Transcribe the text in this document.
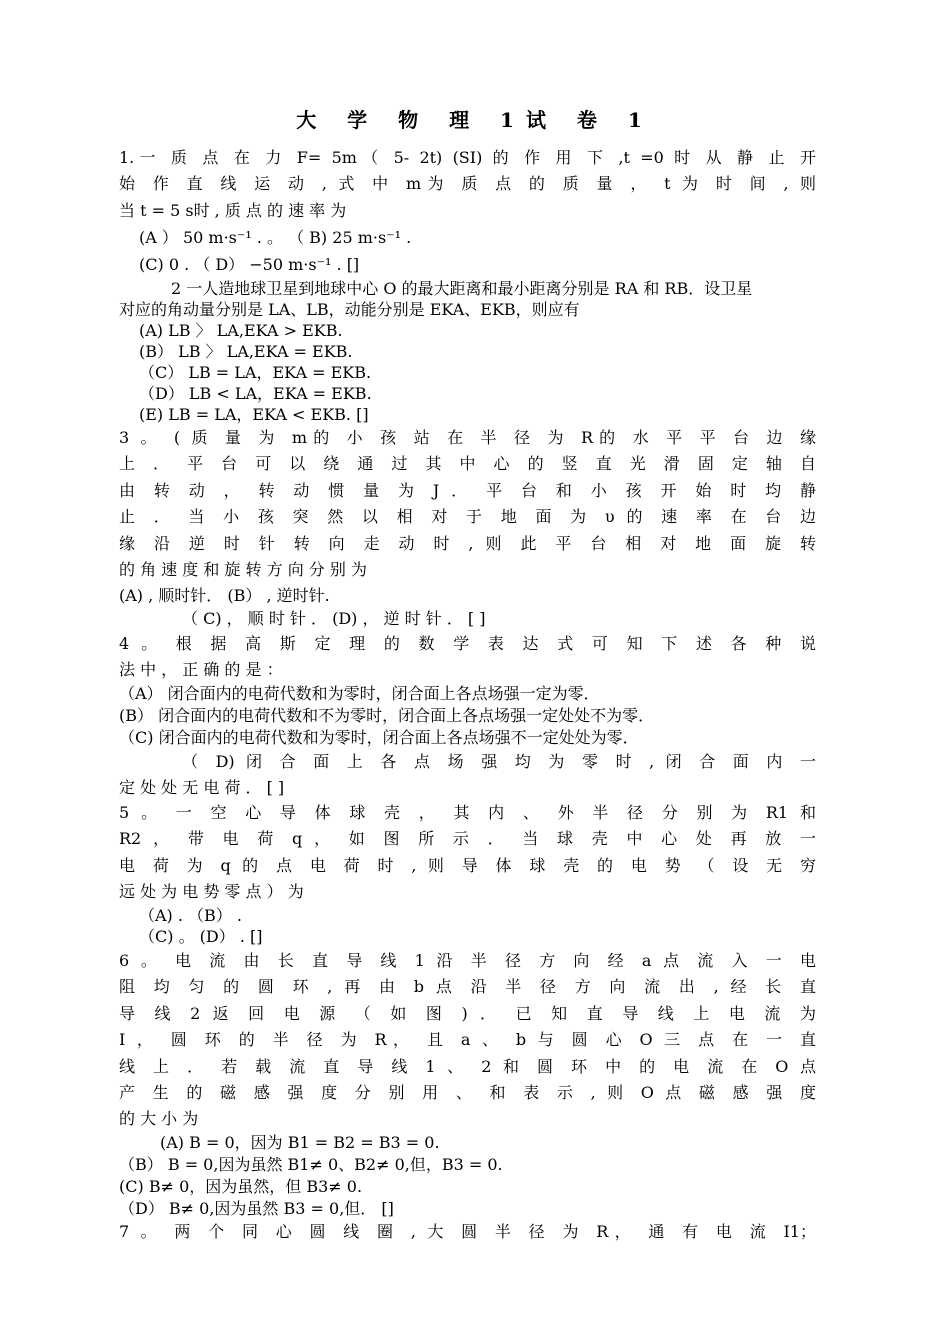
大 学 物 理 1试 卷 1
1.一 质 点 在 力 F= 5m（ 5- 2t) (SI) 的 作 用 下 ,t =0 时 从 静 止 开
始 作 直 线 运 动 , 式 中 m为 质 点 的 质 量 ， t 为 时 间 , 则
当 t = 5 s时 , 质 点 的 速 率 为
(A ） 50 m·s⁻¹ . 。 （ B) 25 m·s⁻¹ .
(C) 0 . （ D） −50 m·s⁻¹ . []
2 一人造地球卫星到地球中心 O 的最大距离和最小距离分别是 RA 和 RB．设卫星
对应的角动量分别是 LA、LB，动能分别是 EKA、EKB，则应有
(A) LB 〉 LA,EKA > EKB.
(B） LB 〉 LA,EKA = EKB.
（C） LB = LA，EKA = EKB.
（D） LB < LA，EKA = EKB.
(E) LB = LA，EKA < EKB. []
3 。 ( 质 量 为 m的 小 孩 站 在 半 径 为 R的 水 平 平 台 边 缘
上 ． 平 台 可 以 绕 通 过 其 中 心 的 竖 直 光 滑 固 定 轴 自
由 转 动 ， 转 动 惯 量 为 J ． 平 台 和 小 孩 开 始 时 均 静
止 ． 当 小 孩 突 然 以 相 对 于 地 面 为 υ 的 速 率 在 台 边
缘 沿 逆 时 针 转 向 走 动 时 , 则 此 平 台 相 对 地 面 旋 转
的 角 速 度 和 旋 转 方 向 分 别 为
(A) , 顺时针． (B） , 逆时针.
（ C) ， 顺 时 针 ． (D) ， 逆 时 针 ． [ ]
4 。 根 据 高 斯 定 理 的 数 学 表 达 式 可 知 下 述 各 种 说
法 中 ， 正 确 的 是 ：
（A） 闭合面内的电荷代数和为零时，闭合面上各点场强一定为零．
(B） 闭合面内的电荷代数和不为零时，闭合面上各点场强一定处处不为零．
（C) 闭合面内的电荷代数和为零时，闭合面上各点场强不一定处处为零．
（ D) 闭 合 面 上 各 点 场 强 均 为 零 时 , 闭 合 面 内 一
定 处 处 无 电 荷 ． [ ]
5 。 一 空 心 导 体 球 壳 ， 其 内 、 外 半 径 分 别 为 R1 和
R2 ， 带 电 荷 q ， 如 图 所 示 ． 当 球 壳 中 心 处 再 放 一
电 荷 为 q 的 点 电 荷 时 , 则 导 体 球 壳 的 电 势 （ 设 无 穷
远 处 为 电 势 零 点 ） 为
（A) . （B） .
（C) 。 (D） . []
6 。 电 流 由 长 直 导 线 1 沿 半 径 方 向 经 a 点 流 入 一 电
阻 均 匀 的 圆 环 , 再 由 b 点 沿 半 径 方 向 流 出 , 经 长 直
导 线 2 返 回 电 源 （ 如 图 ) ． 已 知 直 导 线 上 电 流 为
I ， 圆 环 的 半 径 为 R， 且 a 、 b 与 圆 心 O 三 点 在 一 直
线 上 ． 若 载 流 直 导 线 1 、 2 和 圆 环 中 的 电 流 在 O 点
产 生 的 磁 感 强 度 分 别 用 、 和 表 示 , 则 O 点 磁 感 强 度
的 大 小 为
(A) B = 0，因为 B1 = B2 = B3 = 0.
（B） B = 0,因为虽然 B1≠ 0、B2≠ 0,但，B3 = 0.
(C) B≠ 0，因为虽然，但 B3≠ 0.
（D） B≠ 0,因为虽然 B3 = 0,但． []
7 。 两 个 同 心 圆 线 圈 , 大 圆 半 径 为 R， 通 有 电 流 I1；
